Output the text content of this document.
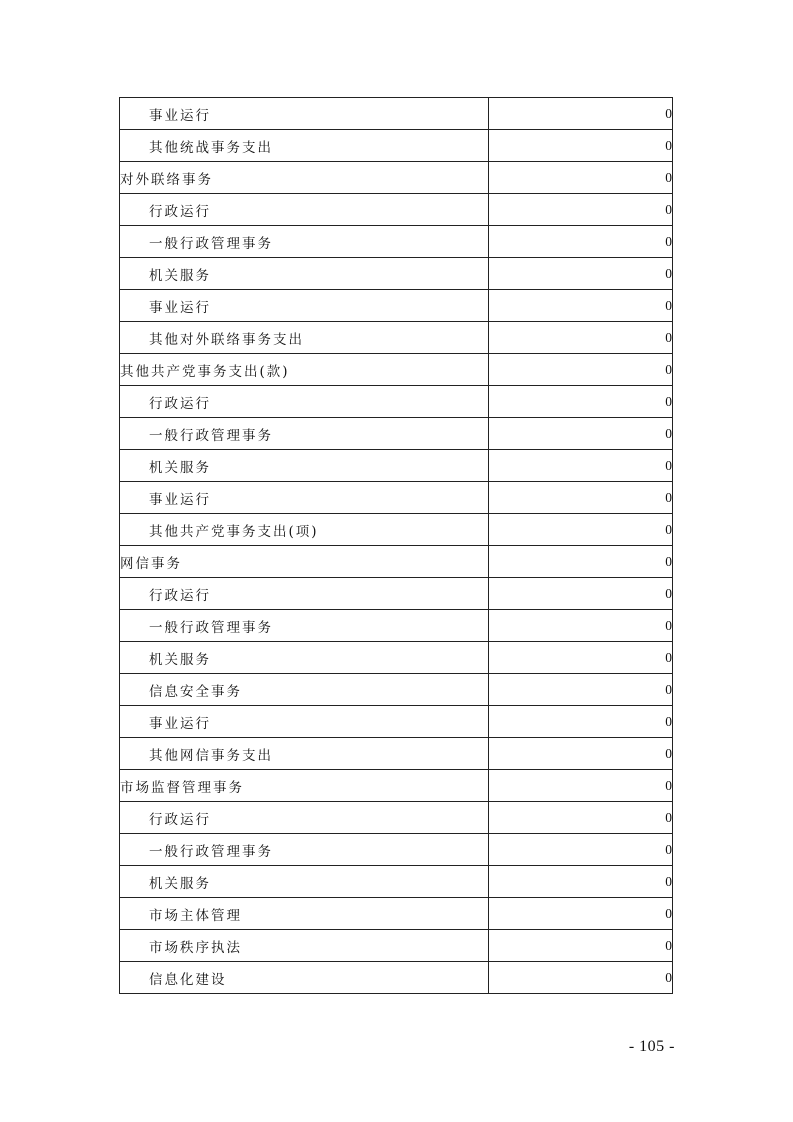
事业运行	0
其他统战事务支出	0
对外联络事务	0
行政运行	0
一般行政管理事务	0
机关服务	0
事业运行	0
其他对外联络事务支出	0
其他共产党事务支出(款)	0
行政运行	0
一般行政管理事务	0
机关服务	0
事业运行	0
其他共产党事务支出(项)	0
网信事务	0
行政运行	0
一般行政管理事务	0
机关服务	0
信息安全事务	0
事业运行	0
其他网信事务支出	0
市场监督管理事务	0
行政运行	0
一般行政管理事务	0
机关服务	0
市场主体管理	0
市场秩序执法	0
信息化建设	0
- 105 -
